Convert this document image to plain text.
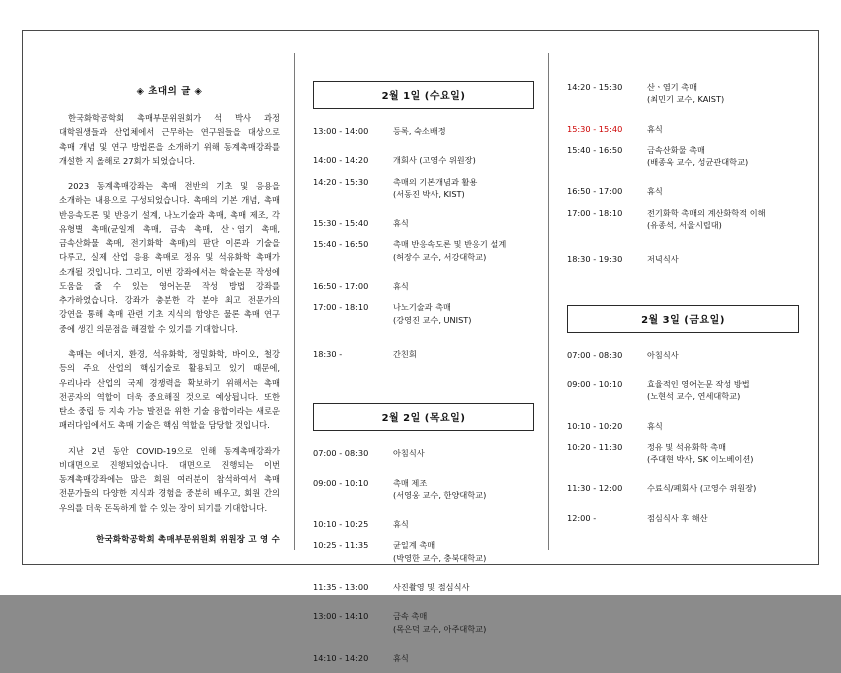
◈ 초대의 글 ◈
한국화학공학회 촉매부문위원회가 석 박사 과정 대학원생들과 산업체에서 근무하는 연구원들을 대상으로 촉매 개념 및 연구 방법론을 소개하기 위해 동계촉매강좌를 개설한 지 올해로 27회가 되었습니다.
2023 동계촉매강좌는 촉매 전반의 기초 및 응용을 소개하는 내용으로 구성되었습니다. 촉매의 기본 개념, 촉매 반응속도론 및 반응기 설계, 나노기술과 촉매, 촉매 제조, 각 유형별 촉매(균일계 촉매, 금속 촉매, 산ㆍ염기 촉매, 금속산화물 촉매, 전기화학 촉매)의 판단 이론과 기술을 다루고, 실제 산업 응용 촉매로 정유 및 석유화학 촉매가 소개될 것입니다. 그리고, 이번 강좌에서는 학술논문 작성에 도움을 줄 수 있는 영어논문 작성 방법 강좌를 추가하였습니다. 강좌가 충분한 각 분야 최고 전문가의 강연을 통해 촉매 관련 기초 지식의 함양은 물론 촉매 연구 중에 생긴 의문점을 해결할 수 있기를 기대합니다.
촉매는 에너지, 환경, 석유화학, 정밀화학, 바이오, 철강 등의 주요 산업의 핵심기술로 활용되고 있기 때문에, 우리나라 산업의 국제 경쟁력을 확보하기 위해서는 촉매 전공자의 역할이 더욱 중요해질 것으로 예상됩니다. 또한 탄소 중립 등 지속 가능 발전을 위한 기술 융합이라는 새로운 패러다임에서도 촉매 기술은 핵심 역할을 담당할 것입니다.
지난 2년 동안 COVID-19으로 인해 동계촉매강좌가 비대면으로 진행되었습니다. 대면으로 진행되는 이번 동계촉매강좌에는 많은 회원 여러분이 참석하여서 촉매 전문가들의 다양한 지식과 경험을 중분히 배우고, 회원 간의 우의를 더욱 돈독하게 할 수 있는 장이 되기를 기대합니다.
한국화학공학회 촉매부문위원회 위원장 고 영 수
2월 1일 (수요일)
13:00 - 14:00	등록, 숙소배정
14:00 - 14:20	개회사 (고영수 위원장)
14:20 - 15:30	촉매의 기본개념과 활용
(서동진 박사, KIST)

15:30 - 15:40	휴식
15:40 - 16:50	촉매 반응속도론 및 반응기 설계
(허장수 교수, 서강대학교)

16:50 - 17:00	휴식
17:00 - 18:10	나노기술과 촉매
(강영진 교수, UNIST)

18:30 -	간친회
2월 2일 (목요일)
07:00 - 08:30	아침식사
09:00 - 10:10	촉매 제조
(서영웅 교수, 한양대학교)

10:10 - 10:25	휴식
10:25 - 11:35	균일계 촉매
(박영한 교수, 충북대학교)

11:35 - 13:00	사진촬영 및 점심식사
13:00 - 14:10	금속 촉매
(목은덕 교수, 아주대학교)

14:10 - 14:20	휴식
14:20 - 15:30	산ㆍ염기 촉매
(최민기 교수, KAIST)

15:30 - 15:40	휴식
15:40 - 16:50	금속산화물 촉매
(배종욱 교수, 성균관대학교)

16:50 - 17:00	휴식
17:00 - 18:10	전기화학 촉매의 계산화학적 이해
(유종석, 서울시립대)

18:30 - 19:30	저녁식사
2월 3일 (금요일)
07:00 - 08:30	아침식사
09:00 - 10:10	효율적인 영어논문 작성 방법
(노현석 교수, 연세대학교)

10:10 - 10:20	휴식
10:20 - 11:30	정유 및 석유화학 촉매
(주대현 박사, SK 이노베이션)

11:30 - 12:00	수료식/폐회사 (고영수 위원장)
12:00 -	점심식사 후 해산
